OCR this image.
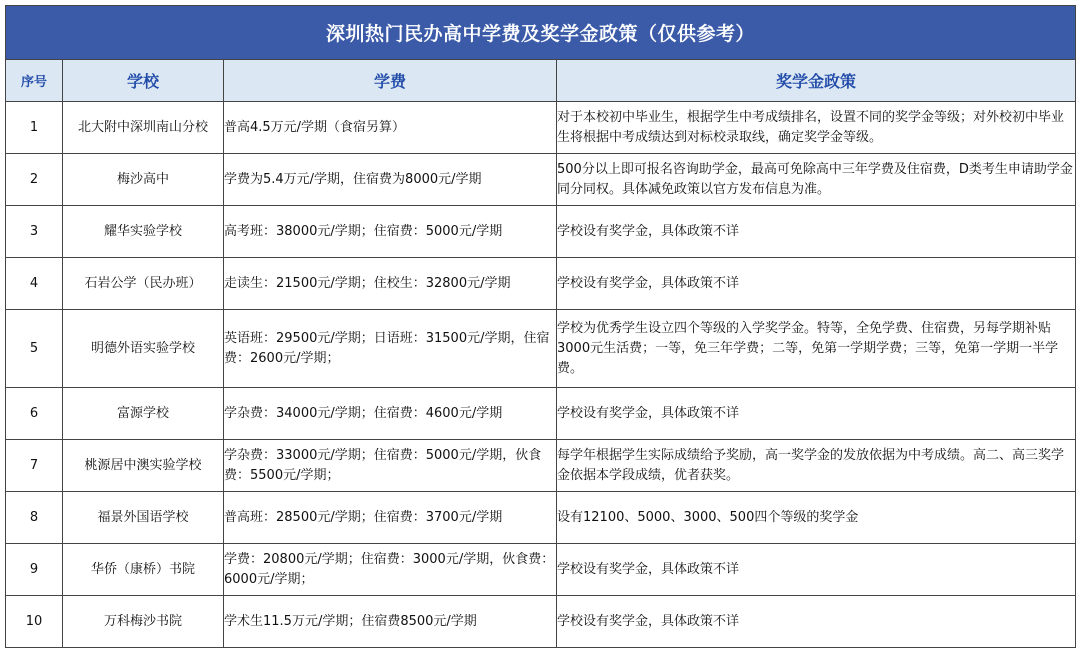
深圳热门民办高中学费及奖学金政策（仅供参考）			
序号	学校	学费	奖学金政策
1	北大附中深圳南山分校	普高4.5万元/学期（食宿另算）	对于本校初中毕业生，根据学生中考成绩排名，设置不同的奖学金等级；对外校初中毕业生将根据中考成绩达到对标校录取线，确定奖学金等级。
2	梅沙高中	学费为5.4万元/学期，住宿费为8000元/学期	500分以上即可报名咨询助学金，最高可免除高中三年学费及住宿费，D类考生申请助学金同分同权。具体减免政策以官方发布信息为准。
3	耀华实验学校	高考班：38000元/学期；住宿费：5000元/学期	学校设有奖学金，具体政策不详
4	石岩公学（民办班）	走读生：21500元/学期；住校生：32800元/学期	学校设有奖学金，具体政策不详
5	明德外语实验学校	英语班：29500元/学期；日语班：31500元/学期，住宿费：2600元/学期；	学校为优秀学生设立四个等级的入学奖学金。特等，全免学费、住宿费，另每学期补贴3000元生活费；一等，免三年学费；二等，免第一学期学费；三等，免第一学期一半学费。
6	富源学校	学杂费：34000元/学期；住宿费：4600元/学期	学校设有奖学金，具体政策不详
7	桃源居中澳实验学校	学杂费：33000元/学期；住宿费：5000元/学期，伙食费：5500元/学期；	每学年根据学生实际成绩给予奖励，高一奖学金的发放依据为中考成绩。高二、高三奖学金依据本学段成绩，优者获奖。
8	福景外国语学校	普高班：28500元/学期；住宿费：3700元/学期	设有12100、5000、3000、500四个等级的奖学金
9	华侨（康桥）书院	学费：20800元/学期；住宿费：3000元/学期，伙食费：6000元/学期；	学校设有奖学金，具体政策不详
10	万科梅沙书院	学术生11.5万元/学期；住宿费8500元/学期	学校设有奖学金，具体政策不详
